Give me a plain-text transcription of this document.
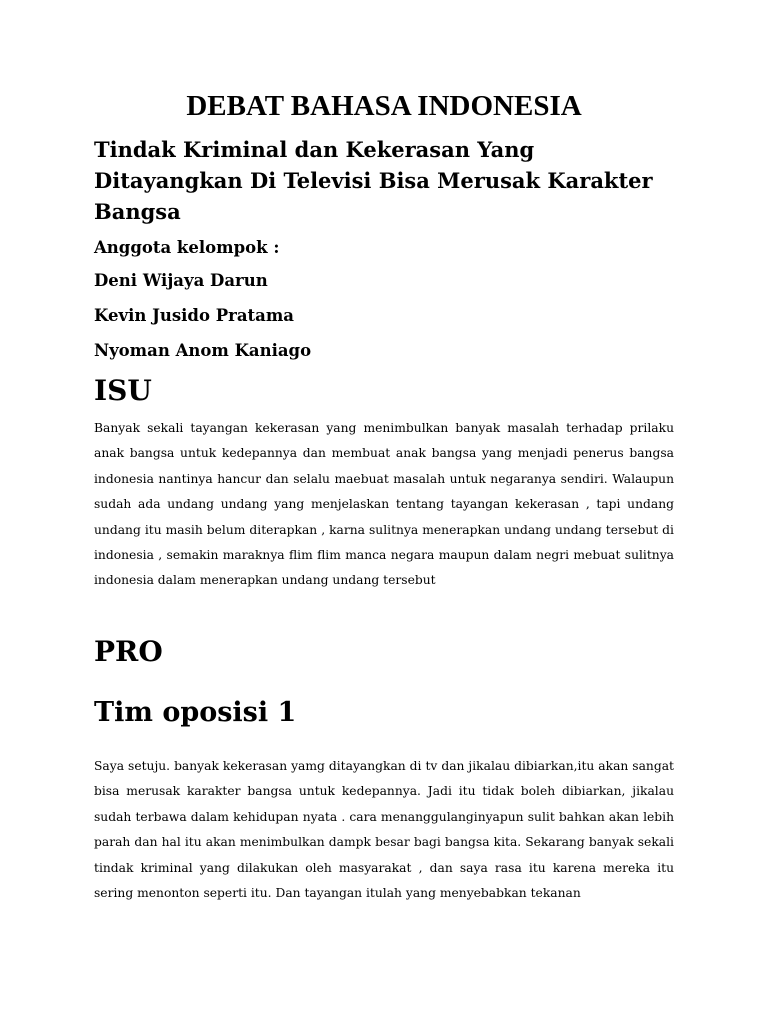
DEBAT BAHASA INDONESIA
Tindak Kriminal dan Kekerasan Yang Ditayangkan Di Televisi Bisa Merusak Karakter Bangsa

Anggota kelompok :

Deni Wijaya Darun

Kevin Jusido Pratama

Nyoman Anom Kaniago

ISU

Banyak sekali tayangan kekerasan yang menimbulkan banyak masalah terhadap prilaku anak bangsa untuk kedepannya dan membuat anak bangsa yang menjadi penerus bangsa indonesia nantinya hancur dan selalu maebuat masalah untuk negaranya sendiri. Walaupun sudah ada undang undang yang menjelaskan tentang tayangan kekerasan , tapi undang undang itu masih belum diterapkan , karna sulitnya menerapkan undang undang tersebut di indonesia , semakin maraknya flim flim manca negara maupun dalam negri mebuat sulitnya indonesia dalam menerapkan undang undang tersebut

PRO
Tim oposisi 1

Saya setuju. banyak kekerasan yamg ditayangkan di tv dan jikalau dibiarkan,itu akan sangat bisa merusak karakter bangsa untuk kedepannya. Jadi itu tidak boleh dibiarkan, jikalau sudah terbawa dalam kehidupan nyata . cara menanggulanginyapun sulit bahkan akan lebih parah dan hal itu akan menimbulkan dampk besar bagi bangsa kita. Sekarang banyak sekali tindak kriminal yang dilakukan oleh masyarakat , dan saya rasa itu karena mereka itu sering menonton seperti itu. Dan tayangan itulah yang menyebabkan tekanan
